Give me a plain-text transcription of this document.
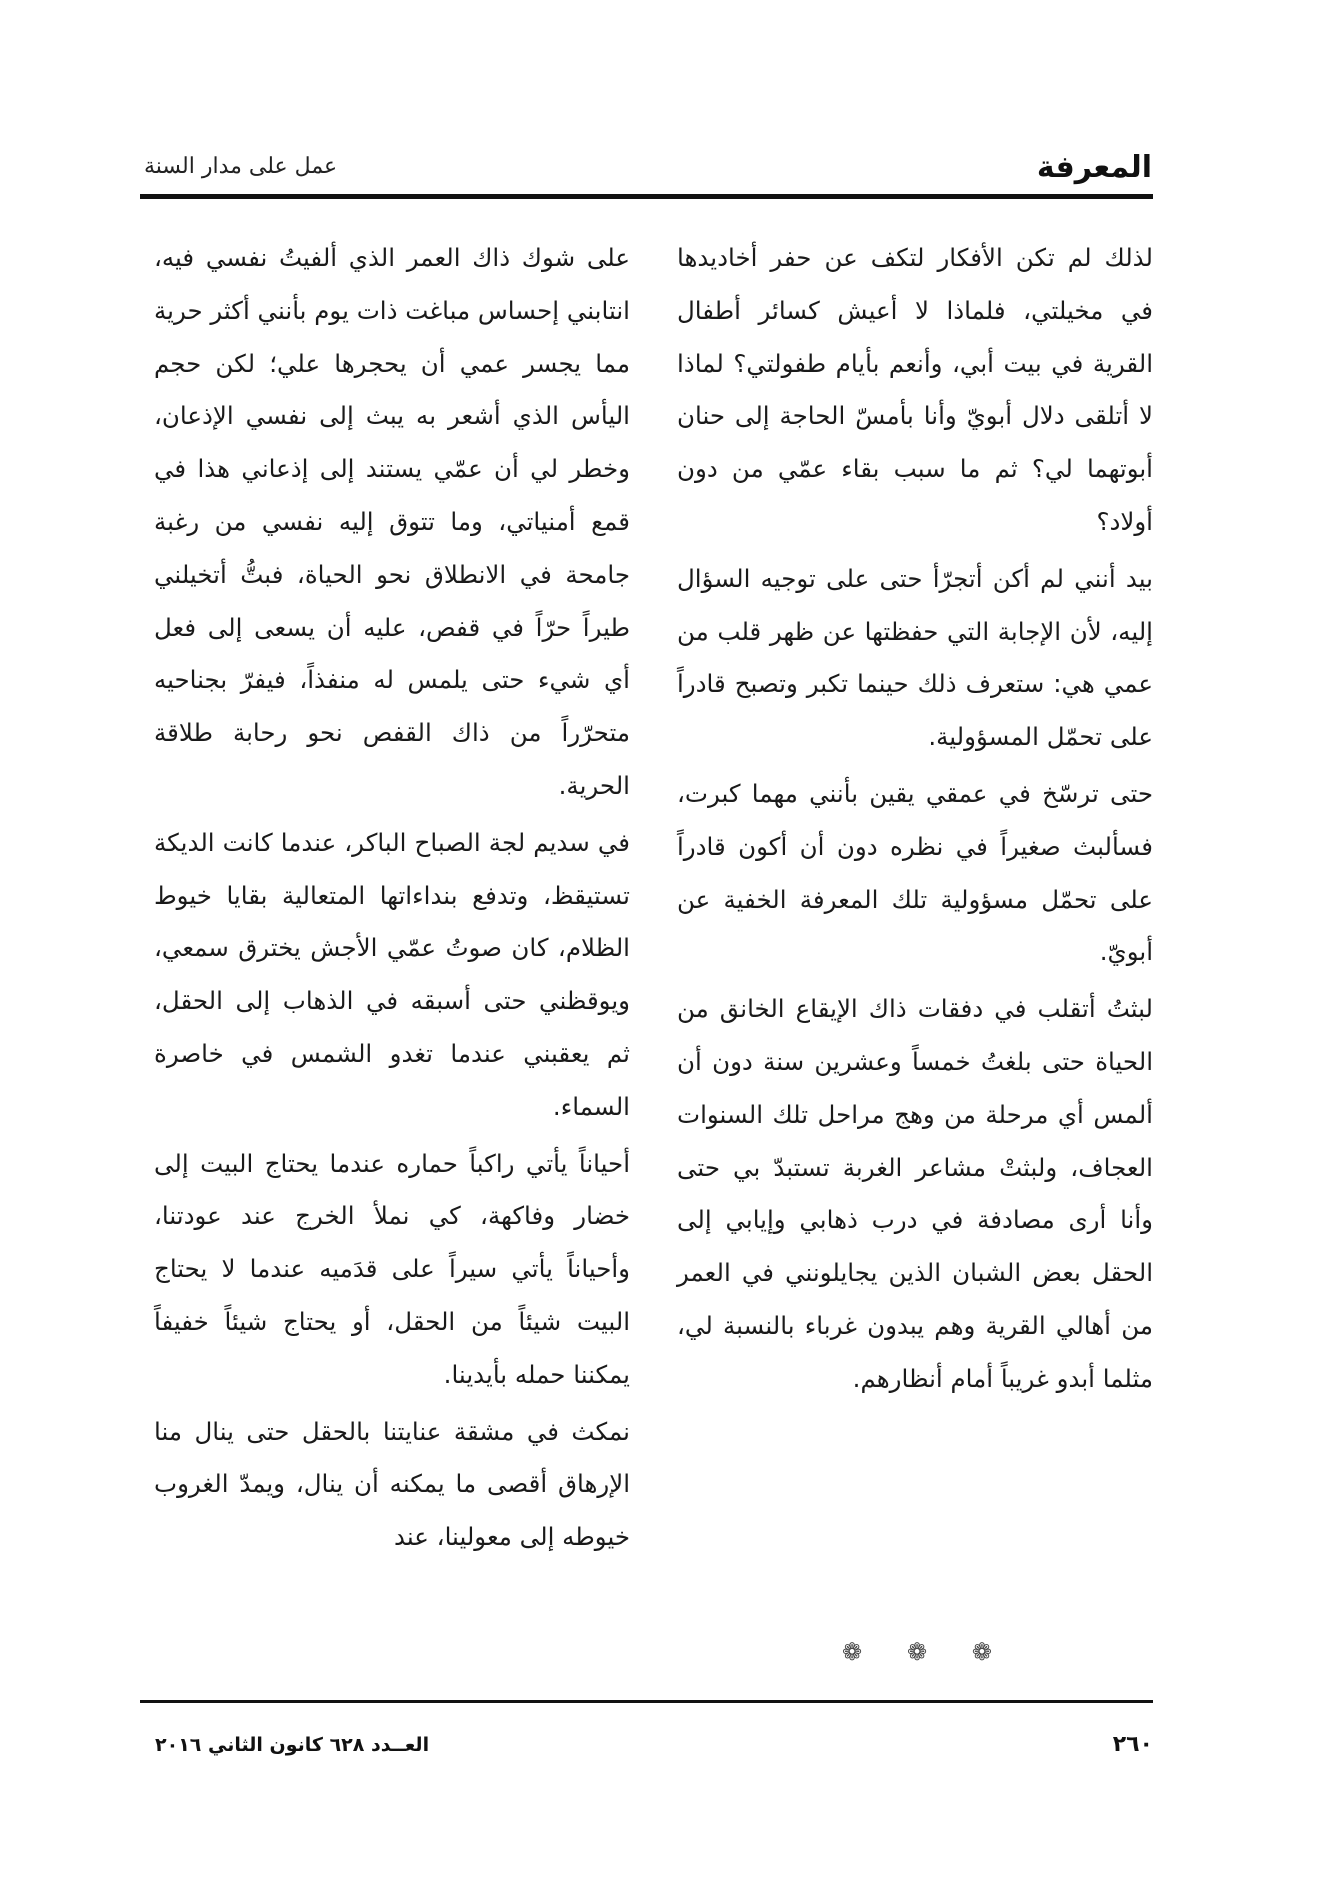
المعرفة
عمل على مدار السنة

لذلك لم تكن الأفكار لتكف عن حفر أخاديدها في مخيلتي، فلماذا لا أعيش كسائر أطفال القرية في بيت أبي، وأنعم بأيام طفولتي؟ لماذا لا أتلقى دلال أبويّ وأنا بأمسّ الحاجة إلى حنان أبوتهما لي؟ ثم ما سبب بقاء عمّي من دون أولاد؟

بيد أنني لم أكن أتجرّأ حتى على توجيه السؤال إليه، لأن الإجابة التي حفظتها عن ظهر قلب من عمي هي: ستعرف ذلك حينما تكبر وتصبح قادراً على تحمّل المسؤولية.

حتى ترسّخ في عمقي يقين بأنني مهما كبرت، فسألبث صغيراً في نظره دون أن أكون قادراً على تحمّل مسؤولية تلك المعرفة الخفية عن أبويّ.

لبثتُ أتقلب في دفقات ذاك الإيقاع الخانق من الحياة حتى بلغتُ خمساً وعشرين سنة دون أن ألمس أي مرحلة من وهج مراحل تلك السنوات العجاف، ولبثتْ مشاعر الغربة تستبدّ بي حتى وأنا أرى مصادفة في درب ذهابي وإيابي إلى الحقل بعض الشبان الذين يجايلونني في العمر من أهالي القرية وهم يبدون غرباء بالنسبة لي، مثلما أبدو غريباً أمام أنظارهم.

على شوك ذاك العمر الذي ألفيتُ نفسي فيه، انتابني إحساس مباغت ذات يوم بأنني أكثر حرية مما يجسر عمي أن يحجرها علي؛ لكن حجم اليأس الذي أشعر به يبث إلى نفسي الإذعان، وخطر لي أن عمّي يستند إلى إذعاني هذا في قمع أمنياتي، وما تتوق إليه نفسي من رغبة جامحة في الانطلاق نحو الحياة، فبتُّ أتخيلني طيراً حرّاً في قفص، عليه أن يسعى إلى فعل أي شيء حتى يلمس له منفذاً، فيفرّ بجناحيه متحرّراً من ذاك القفص نحو رحابة طلاقة الحرية.

في سديم لجة الصباح الباكر، عندما كانت الديكة تستيقظ، وتدفع بنداءاتها المتعالية بقايا خيوط الظلام، كان صوتُ عمّي الأجش يخترق سمعي، ويوقظني حتى أسبقه في الذهاب إلى الحقل، ثم يعقبني عندما تغدو الشمس في خاصرة السماء.

أحياناً يأتي راكباً حماره عندما يحتاج البيت إلى خضار وفاكهة، كي نملأ الخرج عند عودتنا، وأحياناً يأتي سيراً على قدَميه عندما لا يحتاج البيت شيئاً من الحقل، أو يحتاج شيئاً خفيفاً يمكننا حمله بأيدينا.

نمكث في مشقة عنايتنا بالحقل حتى ينال منا الإرهاق أقصى ما يمكنه أن ينال، ويمدّ الغروب خيوطه إلى معولينا، عند

❁ ❁ ❁
٢٦٠
العــدد ٦٢٨ كانون الثاني ٢٠١٦
